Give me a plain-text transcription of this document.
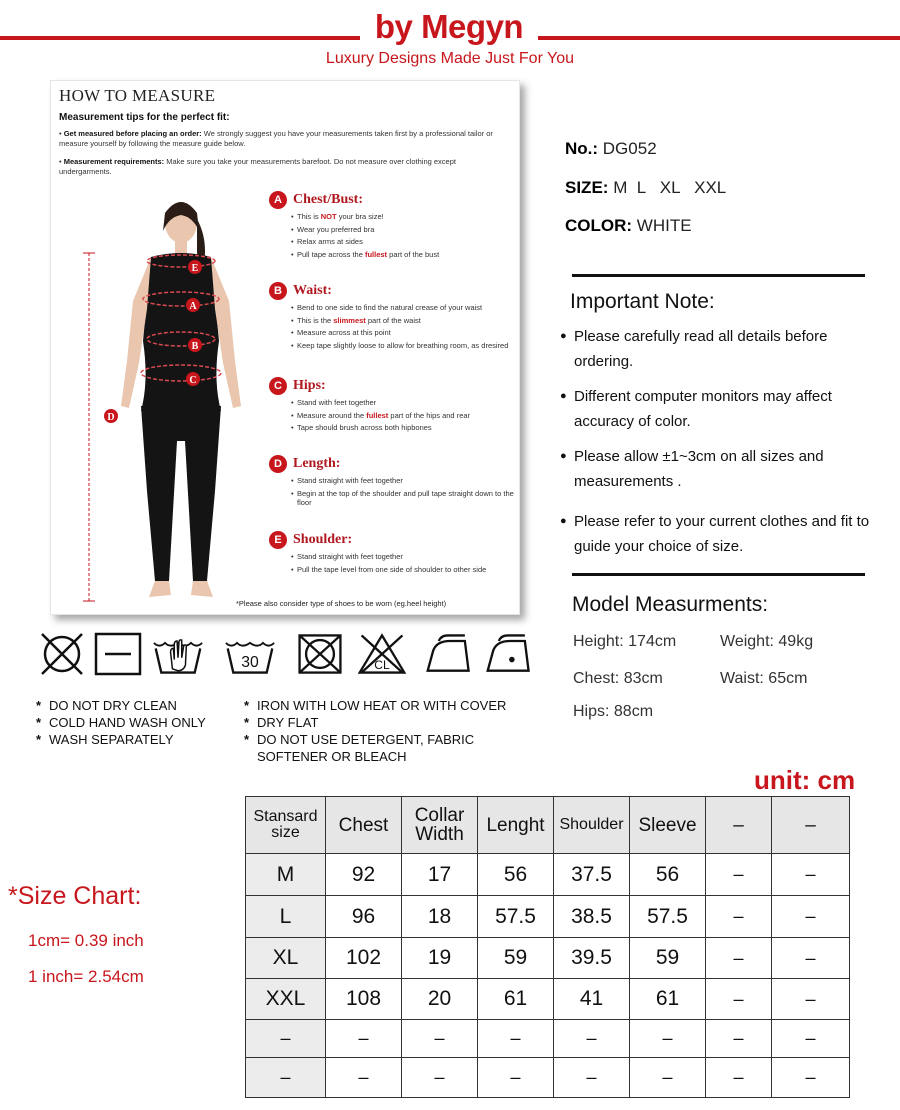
by Megyn
Luxury Designs Made Just For You
HOW TO MEASURE
Measurement tips for the perfect fit:
• Get measured before placing an order: We strongly suggest you have your measurements taken first by a professional tailor or measure yourself by following the measure guide below.
• Measurement requirements: Make sure you take your measurements barefoot. Do not measure over clothing except undergarments.
E
A
B
C
D
A Chest/Bust:
• This is NOT your bra size!
• Wear you preferred bra
• Relax arms at sides
• Pull tape across the fullest part of the bust
B Waist:
• Bend to one side to find the natural crease of your waist
• This is the slimmest part of the waist
• Measure across at this point
• Keep tape slightly loose to allow for breathing room, as dresired
C Hips:
• Stand with feet together
• Measure around the fullest part of the hips and rear
• Tape should brush across both hipbones
D Length:
• Stand straight with feet together
• Begin at the top of the shoulder and pull tape straight down to the floor
E Shoulder:
• Stand straight with feet together
• Pull the tape level from one side of shoulder to other side
*Please also consider type of shoes to be worn (eg.heel height)
No.: DG052
SIZE: M  L   XL   XXL
COLOR: WHITE
Important Note:
● Please carefully read all details before ordering.
● Different computer monitors may affect accuracy of color.
● Please allow ±1~3cm on all sizes and measurements .
● Please refer to your current clothes and fit to guide your choice of size.
Model Measurments:
Height: 174cm	Weight: 49kg
Chest: 83cm	Waist: 65cm
Hips: 88cm
30	CL
* DO NOT DRY CLEAN
* COLD HAND WASH ONLY
* WASH SEPARATELY
* IRON WITH LOW HEAT OR WITH COVER
* DRY FLAT
* DO NOT USE DETERGENT, FABRIC SOFTENER OR BLEACH
unit: cm
*Size Chart:
1cm= 0.39 inch
1 inch= 2.54cm
Stansard size	Chest	Collar Width	Lenght	Shoulder	Sleeve	–	–
M	92	17	56	37.5	56	–	–
L	96	18	57.5	38.5	57.5	–	–
XL	102	19	59	39.5	59	–	–
XXL	108	20	61	41	61	–	–
–	–	–	–	–	–	–	–
–	–	–	–	–	–	–	–
